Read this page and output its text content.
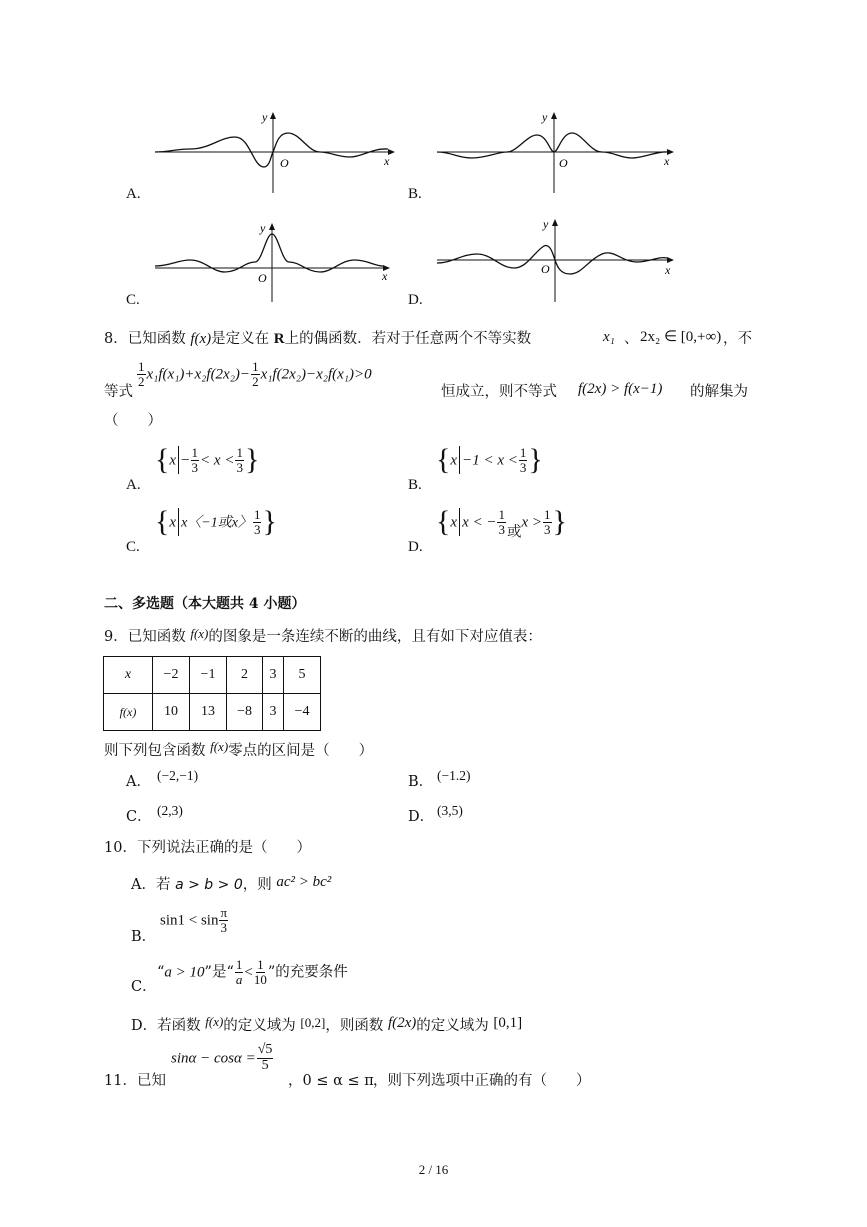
y
x
O
A.
y
x
O
B.
y
x
O
C.
y
x
O
D.
8．已知函数 f(x)是定义在 R上的偶函数．若对于任意两个不等实数	x₁ 、 2x₂ ∈ [0,+∞) ，不
等式
$\frac{1}{2} x_1f(x_1)+x_2f(2x_2)- \frac{1}{2} x_1f(2x_2)-x_2f(x_1)>0$
恒成立，则不等式 f(2x) > f(x−1) 的解集为
（　　）
A.
{$x - \frac{1}{3} < x < \frac{1}{3}$ }
B.
{$x -1 < x < \frac{1}{3}$ }
C.
{x x〈−1或x〉 $\frac{1}{3}$ }
D.
{x x < − $\frac{1}{3}$ 或$x > \frac{1}{3}$ }
二、多选题（本大题共 4 小题）
9．已知函数 f(x)的图象是一条连续不断的曲线，且有如下对应值表：
x	−2	−1	2	3	5
f(x)	10	13	−8	3	−4
则下列包含函数 f(x)零点的区间是（　　）
A． (−2,−1)	B． (−1.2)
C． (2,3)	D． (3,5)
10．下列说法正确的是（　　）
A．若 a > b > 0，则 ac² > bc²
B．
$\sin 1 < \sin \frac{\pi}{3}$
C．
“a > 10”是“ $\frac{1}{a} < \frac{1}{10}$ ”的充要条件
D．若函数 f(x)的定义域为 [0,2]，则函数 f(2x)的定义域为 [0,1]
11．已知
$\sin\alpha - \cos\alpha = \frac{√5}{5}$
，0 ≤ α ≤ π ，则下列选项中正确的有（　　）
2 / 16
